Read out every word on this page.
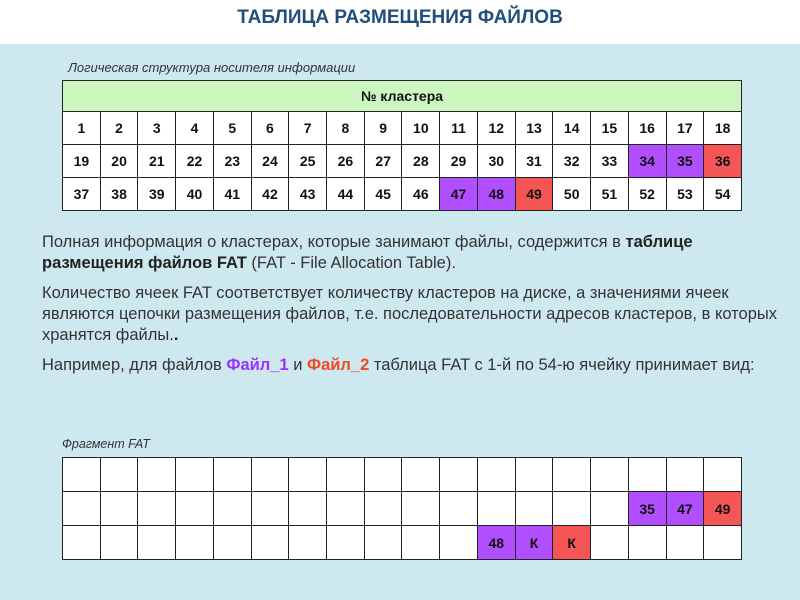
ТАБЛИЦА РАЗМЕЩЕНИЯ ФАЙЛОВ
Логическая структура носителя информации
№ кластера																	
1	2	3	4	5	6	7	8	9	10	11	12	13	14	15	16	17	18
19	20	21	22	23	24	25	26	27	28	29	30	31	32	33	34	35	36
37	38	39	40	41	42	43	44	45	46	47	48	49	50	51	52	53	54

Полная информация о кластерах, которые занимают файлы, содержится в таблице размещения файлов FAT (FAT - File Allocation Table).

Количество ячеек FAT соответствует количеству кластеров на диске, а значениями ячеек являются цепочки размещения файлов, т.е. последовательности адресов кластеров, в которых хранятся файлы..

Например, для файлов Файл_1 и Файл_2 таблица FAT с 1-й по 54-ю ячейку принимает вид:

Фрагмент FAT

															35	47	49
											48	К	К				
